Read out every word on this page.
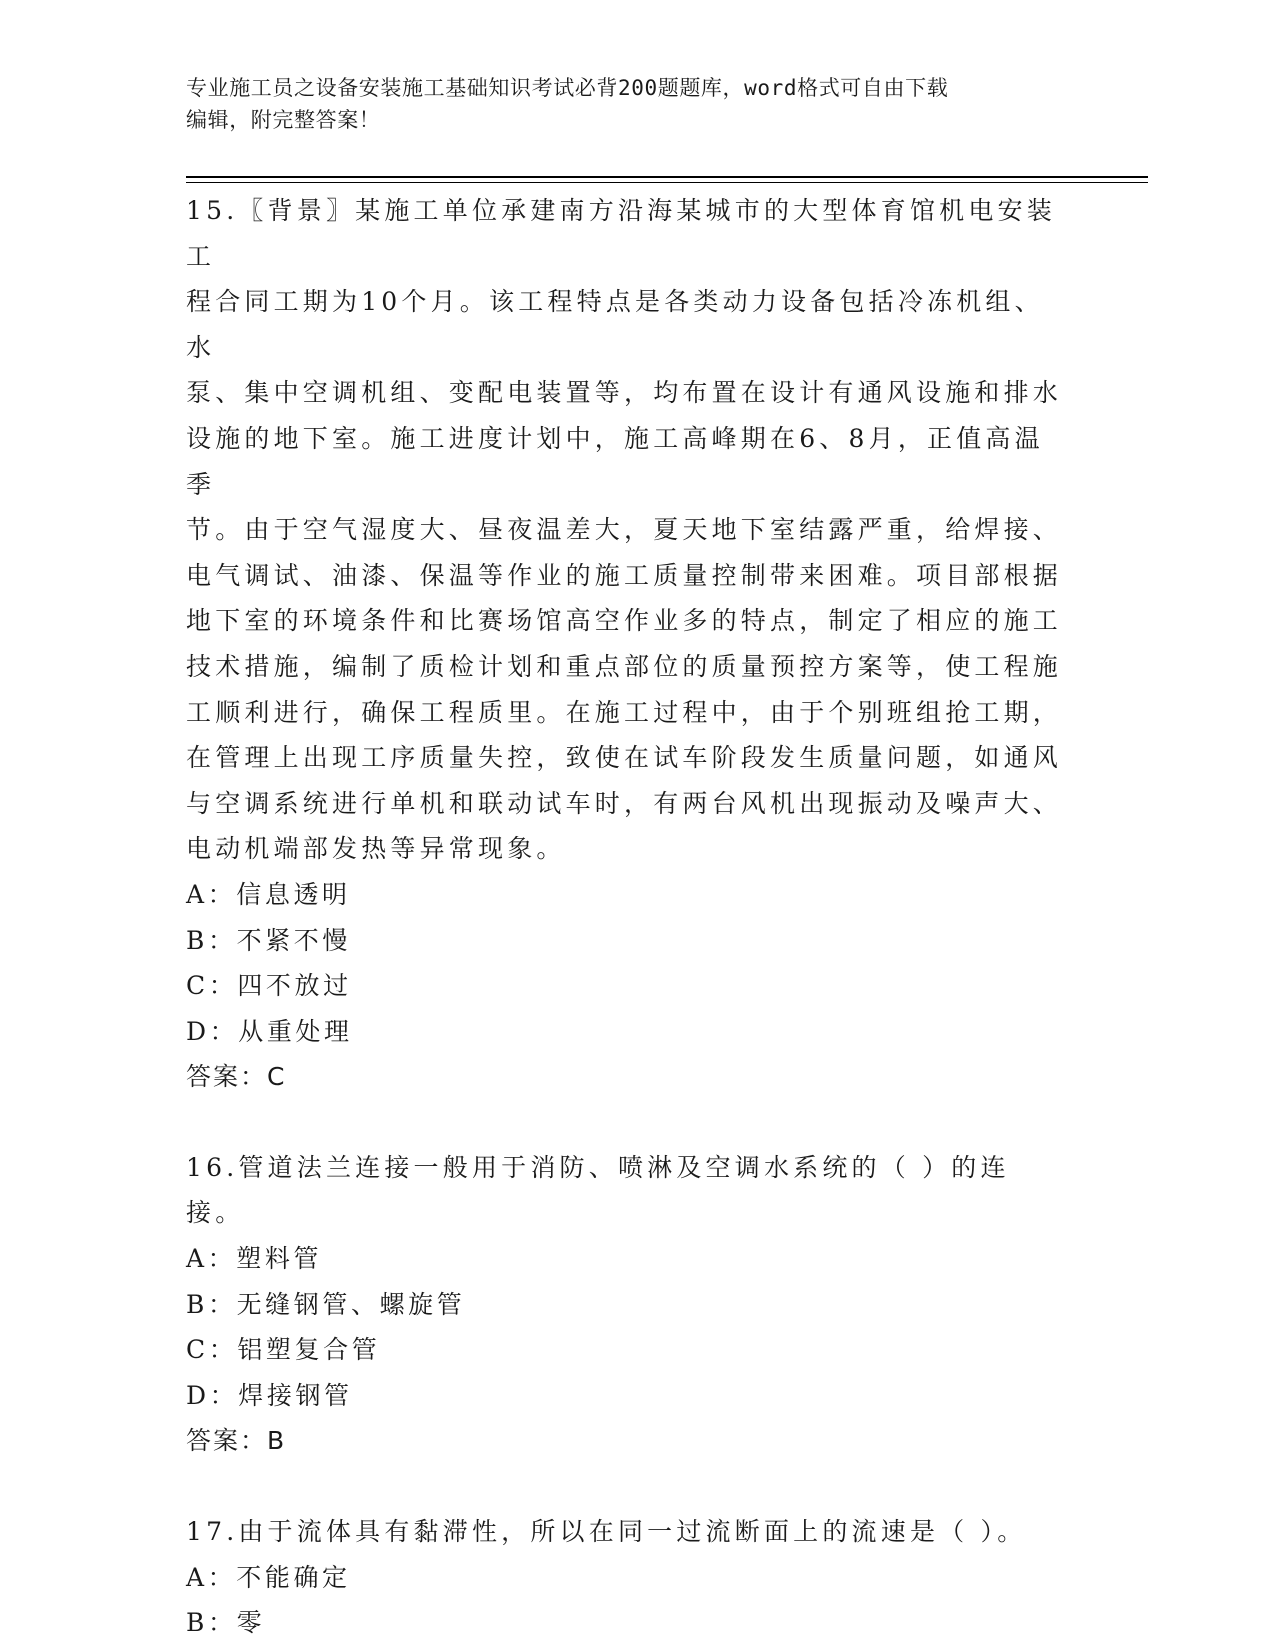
专业施工员之设备安装施工基础知识考试必背200题题库，word格式可自由下载
编辑，附完整答案！

15.〖背景〗某施工单位承建南方沿海某城市的大型体育馆机电安装工

程合同工期为10个月。该工程特点是各类动力设备包括冷冻机组、水

泵、集中空调机组、变配电装置等，均布置在设计有通风设施和排水

设施的地下室。施工进度计划中，施工高峰期在6、8月，正值高温季

节。由于空气湿度大、昼夜温差大，夏天地下室结露严重，给焊接、

电气调试、油漆、保温等作业的施工质量控制带来困难。项目部根据

地下室的环境条件和比赛场馆高空作业多的特点，制定了相应的施工

技术措施，编制了质检计划和重点部位的质量预控方案等，使工程施

工顺利进行，确保工程质里。在施工过程中，由于个别班组抢工期，

在管理上出现工序质量失控，致使在试车阶段发生质量问题，如通风

与空调系统进行单机和联动试车时，有两台风机出现振动及噪声大、

电动机端部发热等异常现象。

A：信息透明

B：不紧不慢

C：四不放过

D：从重处理

答案：C

16.管道法兰连接一般用于消防、喷淋及空调水系统的（ ）的连接。

A：塑料管

B：无缝钢管、螺旋管

C：铝塑复合管

D：焊接钢管

答案：B

17.由于流体具有黏滞性，所以在同一过流断面上的流速是（ ）。

A：不能确定

B：零
